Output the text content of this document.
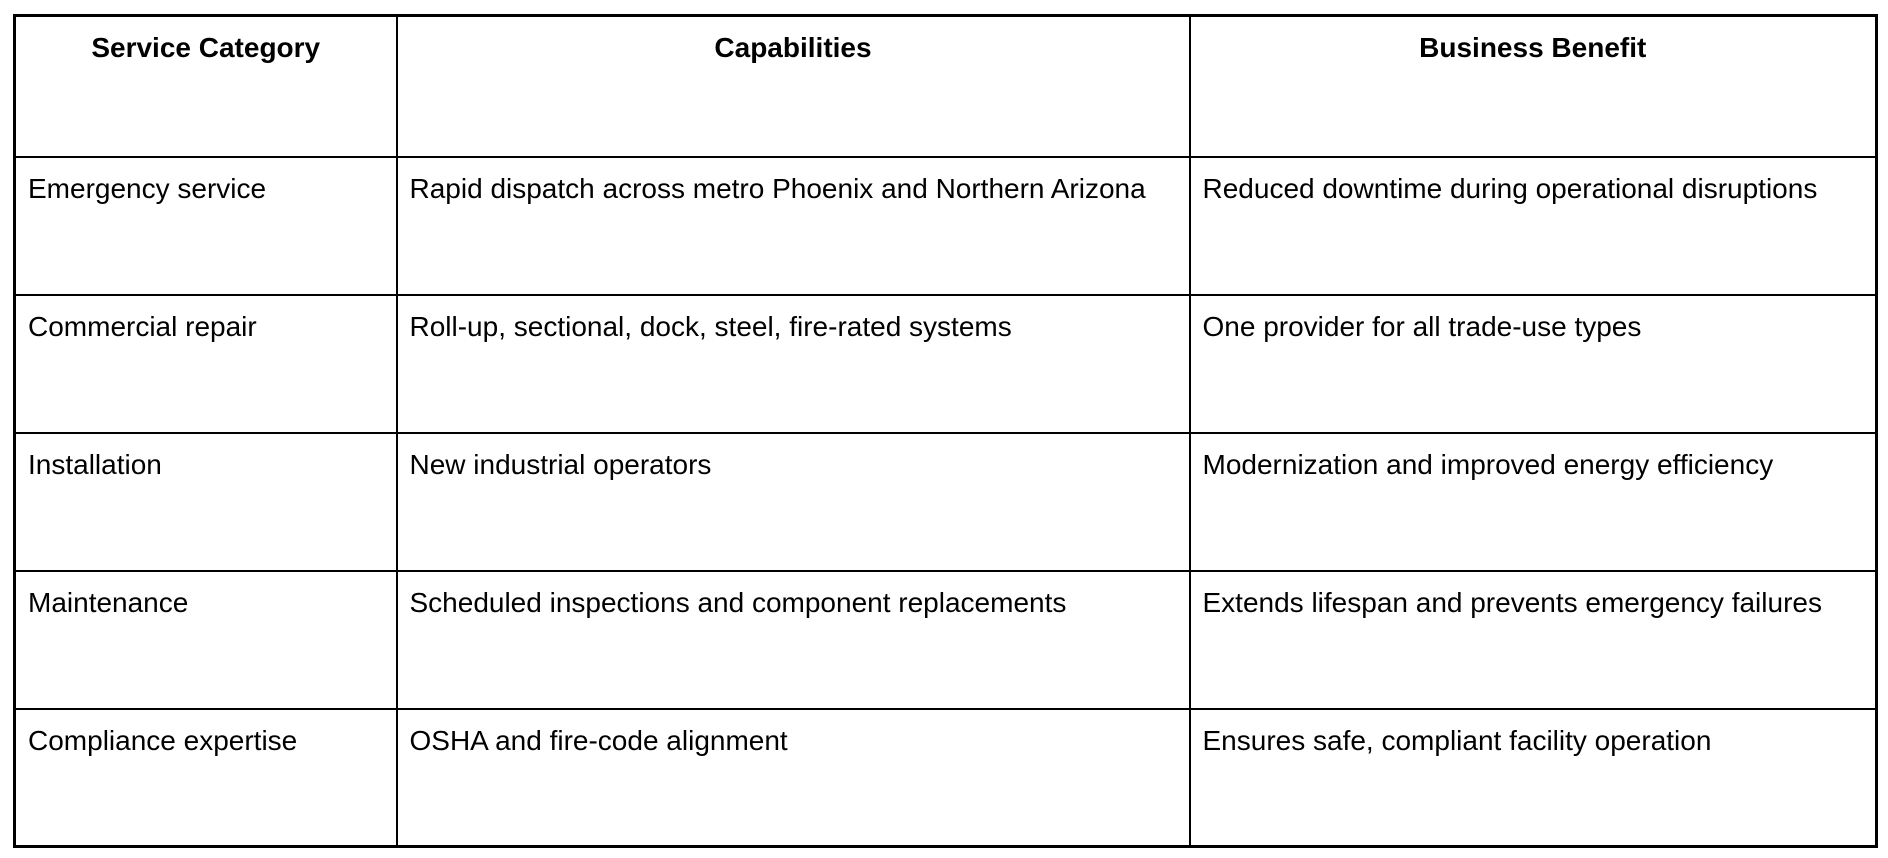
Service Category	Capabilities	Business Benefit
Emergency service	Rapid dispatch across metro Phoenix and Northern Arizona	Reduced downtime during operational disruptions
Commercial repair	Roll-up, sectional, dock, steel, fire-rated systems	One provider for all trade-use types
Installation	New industrial operators	Modernization and improved energy efficiency
Maintenance	Scheduled inspections and component replacements	Extends lifespan and prevents emergency failures
Compliance expertise	OSHA and fire-code alignment	Ensures safe, compliant facility operation
